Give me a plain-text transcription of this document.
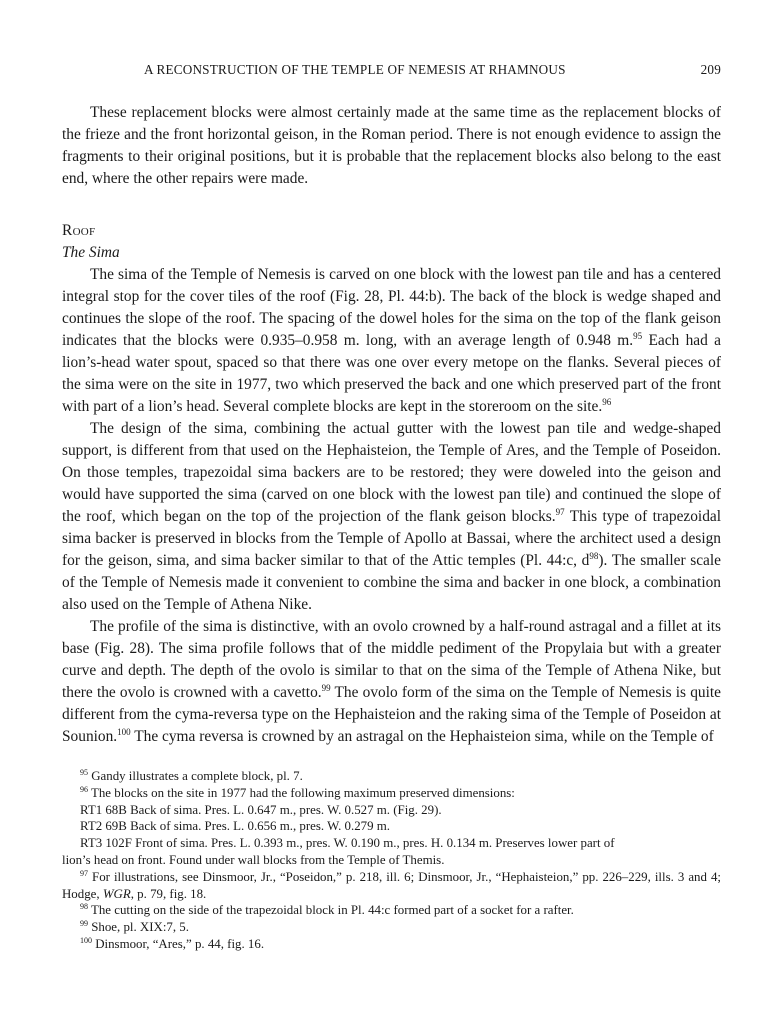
A RECONSTRUCTION OF THE TEMPLE OF NEMESIS AT RHAMNOUS	209

These replacement blocks were almost certainly made at the same time as the replacement blocks of the frieze and the front horizontal geison, in the Roman period. There is not enough evidence to assign the fragments to their original positions, but it is probable that the replacement blocks also belong to the east end, where the other repairs were made.

Roof
The Sima

The sima of the Temple of Nemesis is carved on one block with the lowest pan tile and has a centered integral stop for the cover tiles of the roof (Fig. 28, Pl. 44:b). The back of the block is wedge shaped and continues the slope of the roof. The spacing of the dowel holes for the sima on the top of the flank geison indicates that the blocks were 0.935–0.958 m. long, with an average length of 0.948 m.$^{95}$ Each had a lion’s-head water spout, spaced so that there was one over every metope on the flanks. Several pieces of the sima were on the site in 1977, two which preserved the back and one which preserved part of the front with part of a lion’s head. Several complete blocks are kept in the storeroom on the site.$^{96}$

The design of the sima, combining the actual gutter with the lowest pan tile and wedge-shaped support, is different from that used on the Hephaisteion, the Temple of Ares, and the Temple of Poseidon. On those temples, trapezoidal sima backers are to be restored; they were doweled into the geison and would have supported the sima (carved on one block with the lowest pan tile) and continued the slope of the roof, which began on the top of the projection of the flank geison blocks.$^{97}$ This type of trapezoidal sima backer is preserved in blocks from the Temple of Apollo at Bassai, where the architect used a design for the geison, sima, and sima backer similar to that of the Attic temples (Pl. 44:c, $d^{98}$). The smaller scale of the Temple of Nemesis made it convenient to combine the sima and backer in one block, a combination also used on the Temple of Athena Nike.

The profile of the sima is distinctive, with an ovolo crowned by a half-round astragal and a fillet at its base (Fig. 28). The sima profile follows that of the middle pediment of the Propylaia but with a greater curve and depth. The depth of the ovolo is similar to that on the sima of the Temple of Athena Nike, but there the ovolo is crowned with a cavetto.$^{99}$ The ovolo form of the sima on the Temple of Nemesis is quite different from the cyma-reversa type on the Hephaisteion and the raking sima of the Temple of Poseidon at Sounion.$^{100}$ The cyma reversa is crowned by an astragal on the Hephaisteion sima, while on the Temple of

$^{95}$ Gandy illustrates a complete block, pl. 7.

$^{96}$ The blocks on the site in 1977 had the following maximum preserved dimensions:

RT1 68B Back of sima. Pres. L. 0.647 m., pres. W. 0.527 m. (Fig. 29).

RT2 69B Back of sima. Pres. L. 0.656 m., pres. W. 0.279 m.

RT3 102F Front of sima. Pres. L. 0.393 m., pres. W. 0.190 m., pres. H. 0.134 m. Preserves lower part of

lion’s head on front. Found under wall blocks from the Temple of Themis.

$^{97}$ For illustrations, see Dinsmoor, Jr., “Poseidon,” p. 218, ill. 6; Dinsmoor, Jr., “Hephaisteion,” pp. 226–229, ills. 3 and 4; Hodge, WGR, p. 79, fig. 18.

$^{98}$ The cutting on the side of the trapezoidal block in Pl. 44:c formed part of a socket for a rafter.

$^{99}$ Shoe, pl. XIX:7, 5.

$^{100}$ Dinsmoor, “Ares,” p. 44, fig. 16.
